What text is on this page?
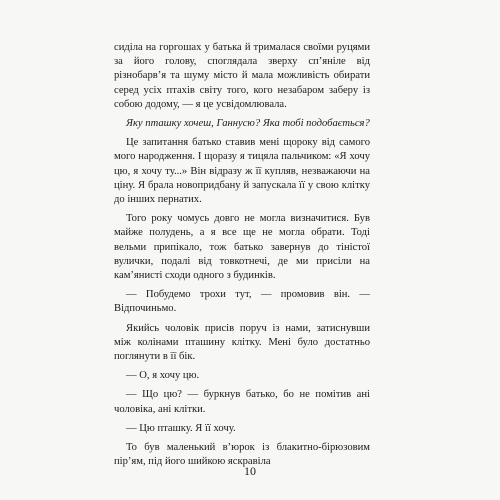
сиділа на горгошах у батька й трималася своїми руцями за його голову, споглядала зверху сп’яніле від різнобарв’я та шуму місто й мала можливість обирати серед усіх птахів світу того, кого незабаром заберу із собою додому, — я це усвідомлювала.

Яку пташку хочеш, Ганнусю? Яка тобі подобається?

Це запитання батько ставив мені щороку від самого мого народження. І щоразу я тицяла пальчиком: «Я хочу цю, я хочу ту...» Він відразу ж її купляв, незважаючи на ціну. Я брала новопридбану й запускала її у свою клітку до інших пернатих.

Того року чомусь довго не могла визначитися. Був майже полудень, а я все ще не могла обрати. Тоді вельми припікало, тож батько завернув до тіністої вулички, подалі від товкотнечі, де ми присіли на кам’янисті сходи одного з будинків.

— Побудемо трохи тут, — промовив він. — Відпочиньмо.

Якийсь чоловік присів поруч із нами, затиснувши між колінами пташину клітку. Мені було достатньо поглянути в її бік.

— О, я хочу цю.

— Що цю? — буркнув батько, бо не помітив ані чоловіка, ані клітки.

— Цю пташку. Я її хочу.

То був маленький в’юрок із блакитно-бірюзовим пір’ям, під його шийкою яскравіла

10
